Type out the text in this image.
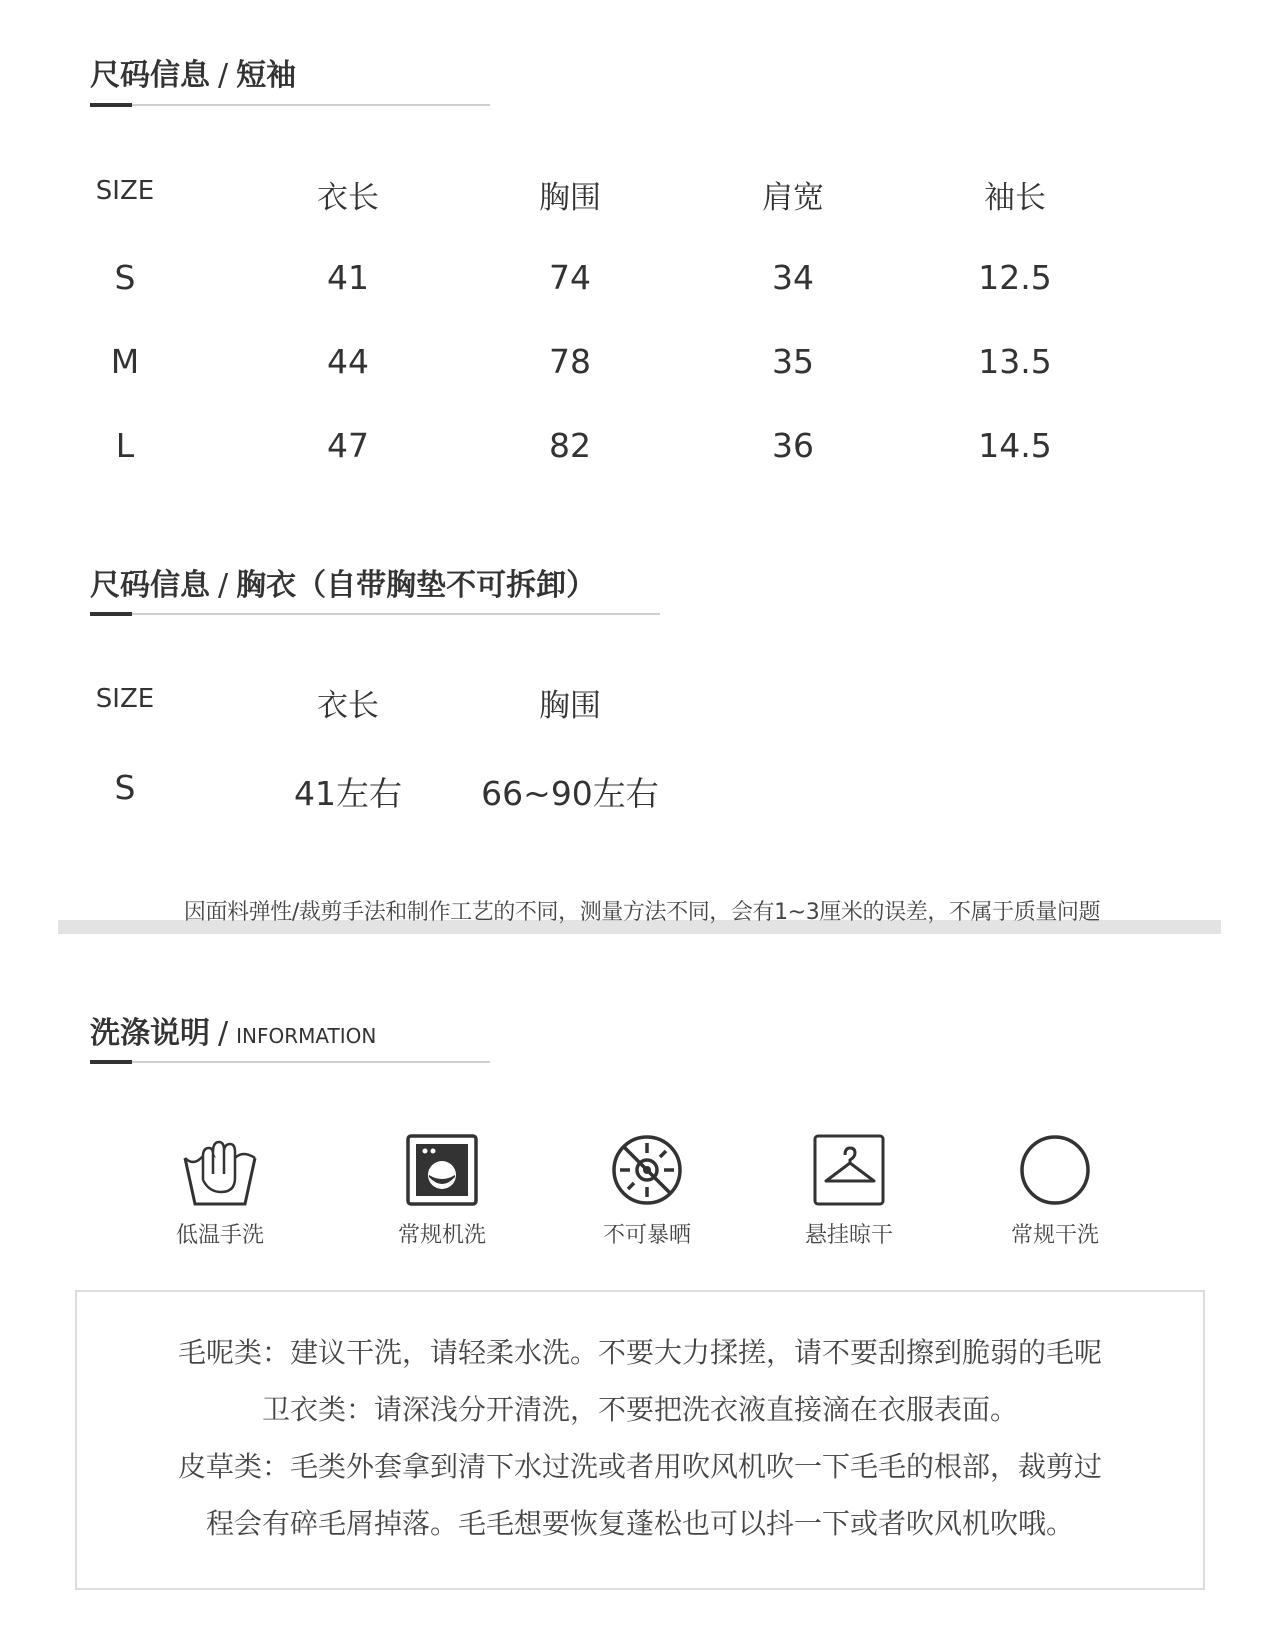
尺码信息 / 短袖
SIZE	衣长	胸围	肩宽	袖长
S	41	74	34	12.5
M	44	78	35	13.5
L	47	82	36	14.5
尺码信息 / 胸衣（自带胸垫不可拆卸）
SIZE	衣长	胸围
S	41左右	66~90左右
因面料弹性/裁剪手法和制作工艺的不同，测量方法不同，会有1~3厘米的误差，不属于质量问题
洗涤说明 / INFORMATION
低温手洗	常规机洗	不可暴晒	悬挂晾干	常规干洗

毛呢类：建议干洗，请轻柔水洗。不要大力揉搓，请不要刮擦到脆弱的毛呢

卫衣类：请深浅分开清洗，不要把洗衣液直接滴在衣服表面。

皮草类：毛类外套拿到清下水过洗或者用吹风机吹一下毛毛的根部，裁剪过

程会有碎毛屑掉落。毛毛想要恢复蓬松也可以抖一下或者吹风机吹哦。
